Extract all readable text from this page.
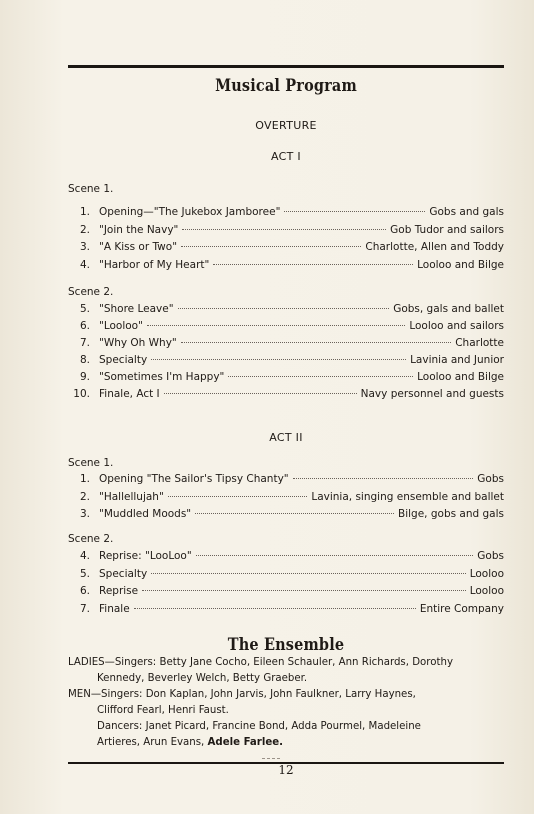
Musical Program
OVERTURE
ACT I
Scene 1.
1. Opening—"The Jukebox Jamboree"	Gobs and gals
2. "Join the Navy"	Gob Tudor and sailors
3. "A Kiss or Two"	Charlotte, Allen and Toddy
4. "Harbor of My Heart"	Looloo and Bilge
Scene 2.
5. "Shore Leave"	Gobs, gals and ballet
6. "Looloo"	Looloo and sailors
7. "Why Oh Why"	Charlotte
8. Specialty	Lavinia and Junior
9. "Sometimes I'm Happy"	Looloo and Bilge
10. Finale, Act I	Navy personnel and guests
ACT II
Scene 1.
1. Opening "The Sailor's Tipsy Chanty"	Gobs
2. "Hallellujah"	Lavinia, singing ensemble and ballet
3. "Muddled Moods"	Bilge, gobs and gals
Scene 2.
4. Reprise: "LooLoo"	Gobs
5. Specialty	Looloo
6. Reprise	Looloo
7. Finale	Entire Company
The Ensemble
LADIES—Singers: Betty Jane Cocho, Eileen Schauler, Ann Richards, Dorothy
Kennedy, Beverley Welch, Betty Graeber.
MEN—Singers: Don Kaplan, John Jarvis, John Faulkner, Larry Haynes,
Clifford Fearl, Henri Faust.
Dancers: Janet Picard, Francine Bond, Adda Pourmel, Madeleine
Artieres, Arun Evans, Adele Farlee.
12
